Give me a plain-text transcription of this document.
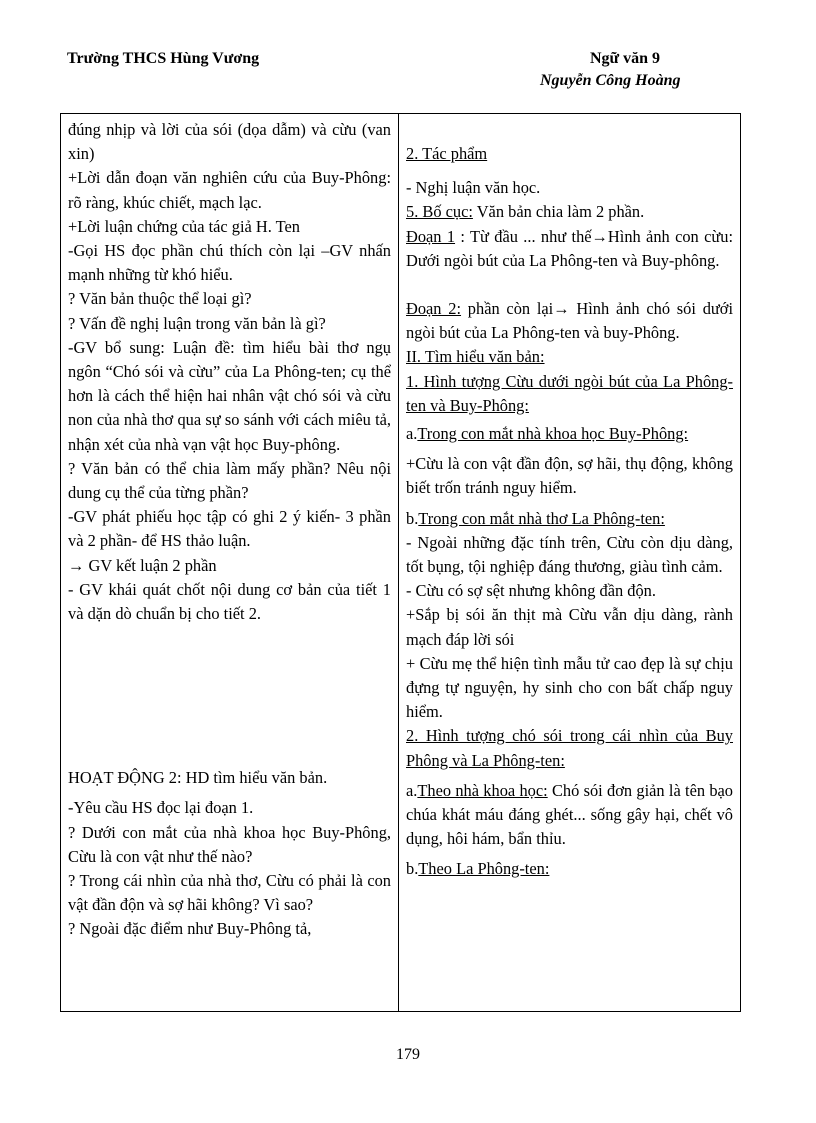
Trường THCS Hùng Vương	Ngữ văn 9
Nguyễn Công Hoàng

đúng nhịp và lời của sói (dọa dẫm) và cừu (van xin)

+Lời dẫn đoạn văn nghiên cứu của Buy-Phông: rõ ràng, khúc chiết, mạch lạc.

+Lời luận chứng của tác giả H. Ten

-Gọi HS đọc phần chú thích còn lại –GV nhấn mạnh những từ khó hiểu.

? Văn bản thuộc thể loại gì?

? Vấn đề nghị luận trong văn bản là gì?

-GV bổ sung: Luận đề: tìm hiểu bài thơ ngụ ngôn “Chó sói và cừu” của La Phông-ten; cụ thể hơn là cách thể hiện hai nhân vật chó sói và cừu non của nhà thơ qua sự so sánh với cách miêu tả, nhận xét của nhà vạn vật học Buy-phông.

? Văn bản có thể chia làm mấy phần? Nêu nội dung cụ thể của từng phần?

-GV phát phiếu học tập có ghi 2 ý kiến- 3 phần và 2 phần- để HS thảo luận.

→ GV kết luận 2 phần

- GV khái quát chốt nội dung cơ bản của tiết 1 và dặn dò chuẩn bị cho tiết 2.

HOẠT ĐỘNG 2: HD tìm hiểu văn bản.

-Yêu cầu HS đọc lại đoạn 1.

? Dưới con mắt của nhà khoa học Buy-Phông, Cừu là con vật như thế nào?

? Trong cái nhìn của nhà thơ, Cừu có phải là con vật đần độn và sợ hãi không? Vì sao?

? Ngoài đặc điểm như Buy-Phông tả,

2. Tác phẩm

- Nghị luận văn học.

5. Bố cục: Văn bản chia làm 2 phần.

Đoạn 1 : Từ đầu ... như thế→Hình ảnh con cừu: Dưới ngòi bút của La Phông-ten và Buy-phông.

Đoạn 2: phần còn lại→ Hình ảnh chó sói dưới ngòi bút của La Phông-ten và buy-Phông.

II. Tìm hiểu văn bản:

1. Hình tượng Cừu dưới ngòi bút của La Phông-ten và Buy-Phông:

a.Trong con mắt nhà khoa học Buy-Phông:

+Cừu là con vật đần độn, sợ hãi, thụ động, không biết trốn tránh nguy hiểm.

b.Trong con mắt nhà thơ La Phông-ten:

- Ngoài những đặc tính trên, Cừu còn dịu dàng, tốt bụng, tội nghiệp đáng thương, giàu tình cảm.

- Cừu có sợ sệt nhưng không đần độn.

+Sắp bị sói ăn thịt mà Cừu vẫn dịu dàng, rành mạch đáp lời sói

+ Cừu mẹ thể hiện tình mẫu tử cao đẹp là sự chịu đựng tự nguyện, hy sinh cho con bất chấp nguy hiểm.

2. Hình tượng chó sói trong cái nhìn của Buy Phông và La Phông-ten:

a.Theo nhà khoa học: Chó sói đơn giản là tên bạo chúa khát máu đáng ghét... sống gây hại, chết vô dụng, hôi hám, bẩn thỉu.

b.Theo La Phông-ten:

179
